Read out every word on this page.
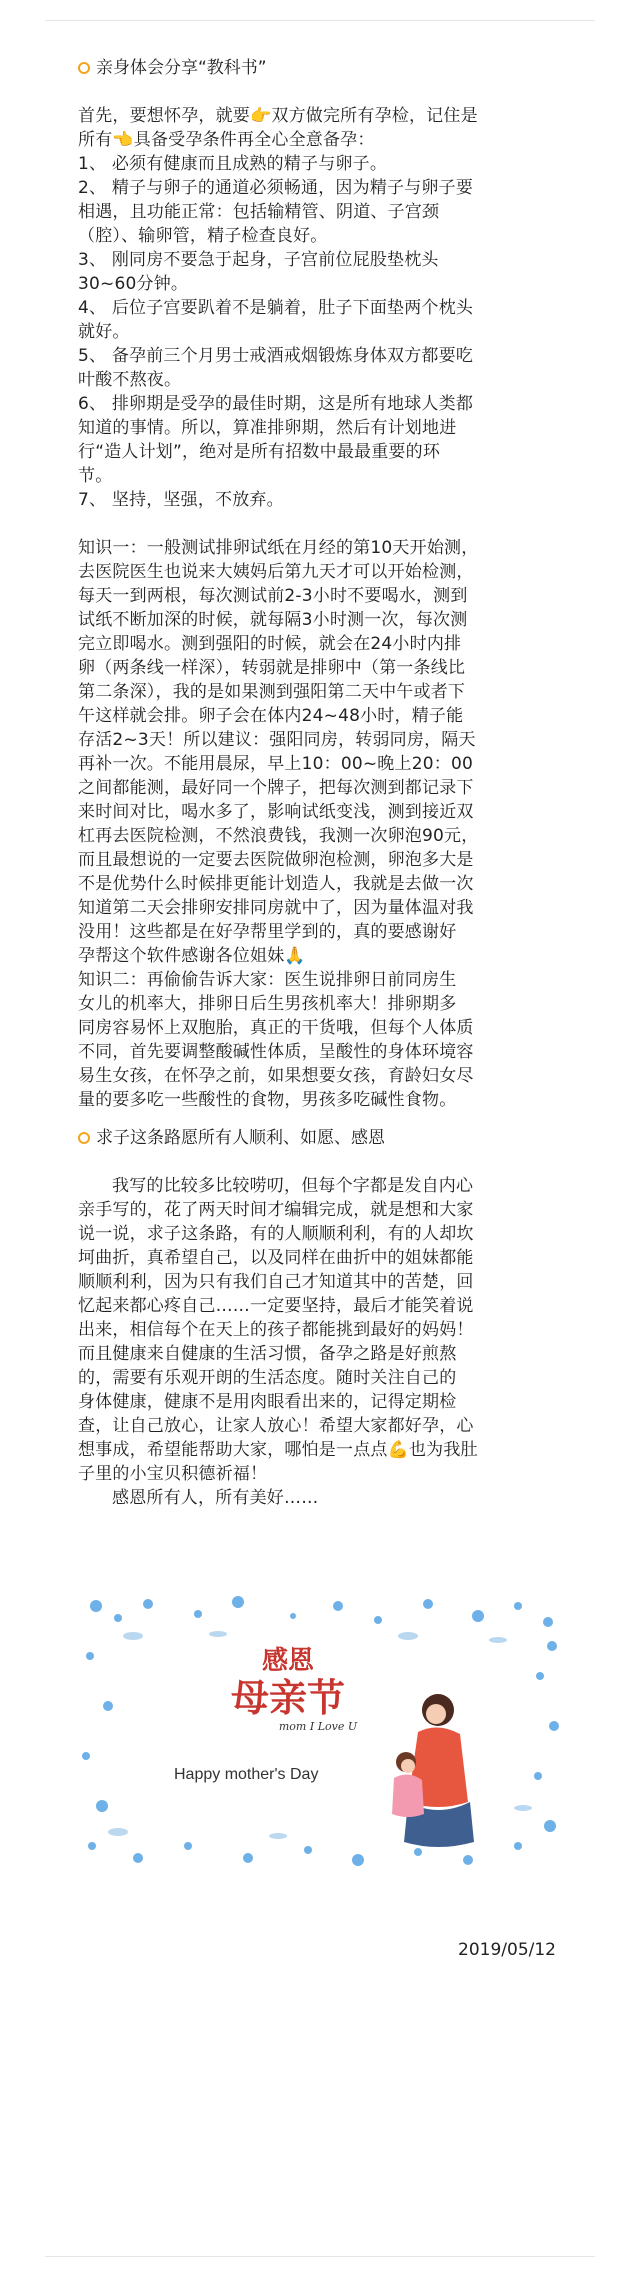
亲身体会分享“教科书”
首先，要想怀孕，就要👉双方做完所有孕检，记住是
所有👈具备受孕条件再全心全意备孕：
1、 必须有健康而且成熟的精子与卵子。
2、 精子与卵子的通道必须畅通，因为精子与卵子要
相遇，且功能正常：包括输精管、阴道、子宫颈
（腔）、输卵管，精子检查良好。
3、 刚同房不要急于起身，子宫前位屁股垫枕头
30~60分钟。
4、 后位子宫要趴着不是躺着，肚子下面垫两个枕头
就好。
5、 备孕前三个月男士戒酒戒烟锻炼身体双方都要吃
叶酸不熬夜。
6、 排卵期是受孕的最佳时期，这是所有地球人类都
知道的事情。所以，算准排卵期，然后有计划地进
行“造人计划”，绝对是所有招数中最最重要的环
节。
7、 坚持，坚强，不放弃。
知识一：一般测试排卵试纸在月经的第10天开始测，
去医院医生也说来大姨妈后第九天才可以开始检测，
每天一到两根，每次测试前2-3小时不要喝水，测到
试纸不断加深的时候，就每隔3小时测一次，每次测
完立即喝水。测到强阳的时候，就会在24小时内排
卵（两条线一样深），转弱就是排卵中（第一条线比
第二条深），我的是如果测到强阳第二天中午或者下
午这样就会排。卵子会在体内24~48小时，精子能
存活2~3天！所以建议：强阳同房，转弱同房，隔天
再补一次。不能用晨尿，早上10：00~晚上20：00
之间都能测，最好同一个牌子，把每次测到都记录下
来时间对比，喝水多了，影响试纸变浅，测到接近双
杠再去医院检测，不然浪费钱，我测一次卵泡90元，
而且最想说的一定要去医院做卵泡检测，卵泡多大是
不是优势什么时候排更能计划造人，我就是去做一次
知道第二天会排卵安排同房就中了，因为量体温对我
没用！这些都是在好孕帮里学到的，真的要感谢好
孕帮这个软件感谢各位姐妹🙏
知识二：再偷偷告诉大家：医生说排卵日前同房生
女儿的机率大，排卵日后生男孩机率大！排卵期多
同房容易怀上双胞胎，真正的干货哦，但每个人体质
不同，首先要调整酸碱性体质，呈酸性的身体环境容
易生女孩，在怀孕之前，如果想要女孩，育龄妇女尽
量的要多吃一些酸性的食物，男孩多吃碱性食物。
求子这条路愿所有人顺利、如愿、感恩
我写的比较多比较唠叨，但每个字都是发自内心
亲手写的，花了两天时间才编辑完成，就是想和大家
说一说，求子这条路，有的人顺顺利利，有的人却坎
坷曲折，真希望自己，以及同样在曲折中的姐妹都能
顺顺利利，因为只有我们自己才知道其中的苦楚，回
忆起来都心疼自己……一定要坚持，最后才能笑着说
出来，相信每个在天上的孩子都能挑到最好的妈妈！
而且健康来自健康的生活习惯，备孕之路是好煎熬
的，需要有乐观开朗的生活态度。随时关注自己的
身体健康，健康不是用肉眼看出来的，记得定期检
查，让自己放心，让家人放心！希望大家都好孕，心
想事成，希望能帮助大家，哪怕是一点点💪也为我肚
子里的小宝贝积德祈福！
感恩所有人，所有美好……
感恩
母亲节
mom I Love U
Happy mother's Day
2019/05/12
